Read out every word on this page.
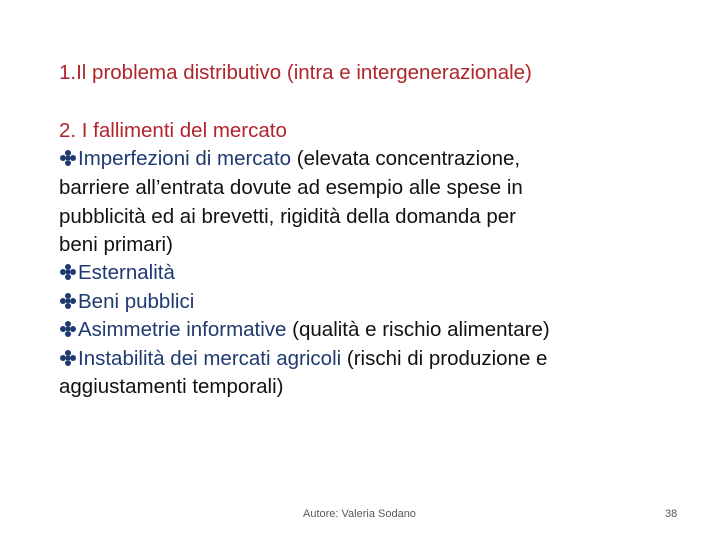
1.Il problema distributivo (intra e intergenerazionale)
2. I fallimenti del mercato
Imperfezioni di mercato (elevata concentrazione,
barriere all’entrata dovute ad esempio alle spese in
pubblicità ed ai brevetti, rigidità della domanda per
beni primari)
Esternalità
Beni pubblici
Asimmetrie informative (qualità e rischio alimentare)
Instabilità dei mercati agricoli (rischi di produzione e
aggiustamenti temporali)
Autore: Valeria Sodano	38
